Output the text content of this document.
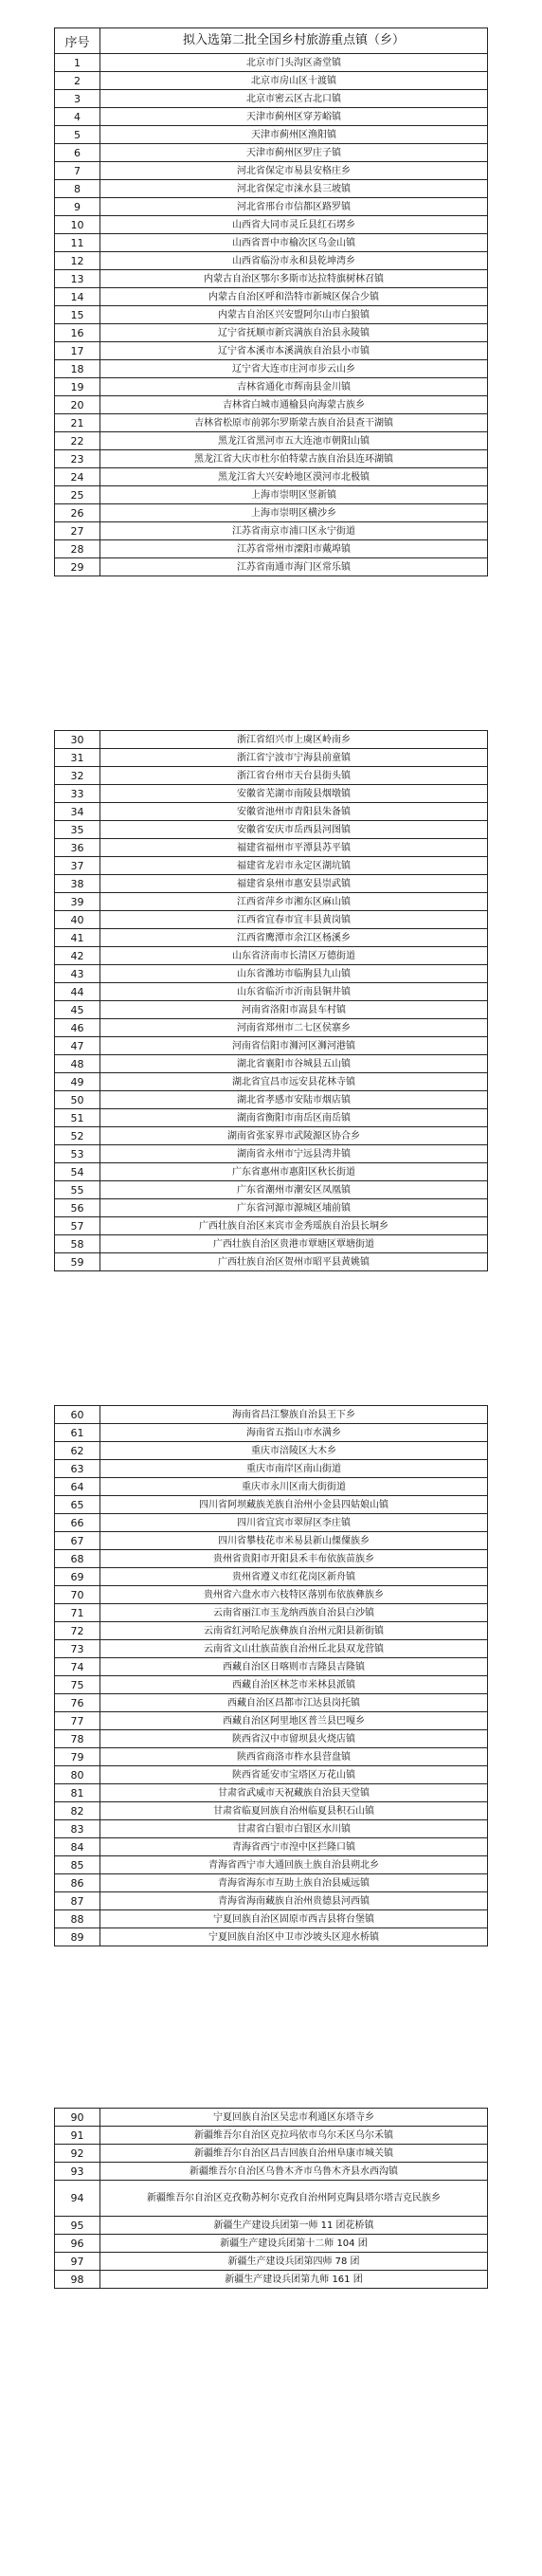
序号	拟入选第二批全国乡村旅游重点镇（乡）
1	北京市门头沟区斋堂镇
2	北京市房山区十渡镇
3	北京市密云区古北口镇
4	天津市蓟州区穿芳峪镇
5	天津市蓟州区渔阳镇
6	天津市蓟州区罗庄子镇
7	河北省保定市易县安格庄乡
8	河北省保定市涞水县三坡镇
9	河北省邢台市信都区路罗镇
10	山西省大同市灵丘县红石塄乡
11	山西省晋中市榆次区乌金山镇
12	山西省临汾市永和县乾坤湾乡
13	内蒙古自治区鄂尔多斯市达拉特旗树林召镇
14	内蒙古自治区呼和浩特市新城区保合少镇
15	内蒙古自治区兴安盟阿尔山市白狼镇
16	辽宁省抚顺市新宾满族自治县永陵镇
17	辽宁省本溪市本溪满族自治县小市镇
18	辽宁省大连市庄河市步云山乡
19	吉林省通化市辉南县金川镇
20	吉林省白城市通榆县向海蒙古族乡
21	吉林省松原市前郭尔罗斯蒙古族自治县查干湖镇
22	黑龙江省黑河市五大连池市朝阳山镇
23	黑龙江省大庆市杜尔伯特蒙古族自治县连环湖镇
24	黑龙江省大兴安岭地区漠河市北极镇
25	上海市崇明区竖新镇
26	上海市崇明区横沙乡
27	江苏省南京市浦口区永宁街道
28	江苏省常州市溧阳市戴埠镇
29	江苏省南通市海门区常乐镇
30	浙江省绍兴市上虞区岭南乡
31	浙江省宁波市宁海县前童镇
32	浙江省台州市天台县街头镇
33	安徽省芜湖市南陵县烟墩镇
34	安徽省池州市青阳县朱备镇
35	安徽省安庆市岳西县河图镇
36	福建省福州市平潭县苏平镇
37	福建省龙岩市永定区湖坑镇
38	福建省泉州市惠安县崇武镇
39	江西省萍乡市湘东区麻山镇
40	江西省宜春市宜丰县黄岗镇
41	江西省鹰潭市余江区杨溪乡
42	山东省济南市长清区万德街道
43	山东省潍坊市临朐县九山镇
44	山东省临沂市沂南县铜井镇
45	河南省洛阳市嵩县车村镇
46	河南省郑州市二七区侯寨乡
47	河南省信阳市浉河区浉河港镇
48	湖北省襄阳市谷城县五山镇
49	湖北省宜昌市远安县花林寺镇
50	湖北省孝感市安陆市烟店镇
51	湖南省衡阳市南岳区南岳镇
52	湖南省张家界市武陵源区协合乡
53	湖南省永州市宁远县湾井镇
54	广东省惠州市惠阳区秋长街道
55	广东省潮州市潮安区凤凰镇
56	广东省河源市源城区埔前镇
57	广西壮族自治区来宾市金秀瑶族自治县长垌乡
58	广西壮族自治区贵港市覃塘区覃塘街道
59	广西壮族自治区贺州市昭平县黄姚镇
60	海南省昌江黎族自治县王下乡
61	海南省五指山市水满乡
62	重庆市涪陵区大木乡
63	重庆市南岸区南山街道
64	重庆市永川区南大街街道
65	四川省阿坝藏族羌族自治州小金县四姑娘山镇
66	四川省宜宾市翠屏区李庄镇
67	四川省攀枝花市米易县新山傈僳族乡
68	贵州省贵阳市开阳县禾丰布依族苗族乡
69	贵州省遵义市红花岗区新舟镇
70	贵州省六盘水市六枝特区落别布依族彝族乡
71	云南省丽江市玉龙纳西族自治县白沙镇
72	云南省红河哈尼族彝族自治州元阳县新街镇
73	云南省文山壮族苗族自治州丘北县双龙营镇
74	西藏自治区日喀则市吉隆县吉隆镇
75	西藏自治区林芝市米林县派镇
76	西藏自治区昌都市江达县岗托镇
77	西藏自治区阿里地区普兰县巴嘎乡
78	陕西省汉中市留坝县火烧店镇
79	陕西省商洛市柞水县营盘镇
80	陕西省延安市宝塔区万花山镇
81	甘肃省武威市天祝藏族自治县天堂镇
82	甘肃省临夏回族自治州临夏县积石山镇
83	甘肃省白银市白银区水川镇
84	青海省西宁市湟中区拦隆口镇
85	青海省西宁市大通回族土族自治县朔北乡
86	青海省海东市互助土族自治县威远镇
87	青海省海南藏族自治州贵德县河西镇
88	宁夏回族自治区固原市西吉县将台堡镇
89	宁夏回族自治区中卫市沙坡头区迎水桥镇
90	宁夏回族自治区吴忠市利通区东塔寺乡
91	新疆维吾尔自治区克拉玛依市乌尔禾区乌尔禾镇
92	新疆维吾尔自治区昌吉回族自治州阜康市城关镇
93	新疆维吾尔自治区乌鲁木齐市乌鲁木齐县水西沟镇
94	新疆维吾尔自治区克孜勒苏柯尔克孜自治州阿克陶县塔尔塔吉克民族乡
95	新疆生产建设兵团第一师 11 团花桥镇
96	新疆生产建设兵团第十二师 104 团
97	新疆生产建设兵团第四师 78 团
98	新疆生产建设兵团第九师 161 团
